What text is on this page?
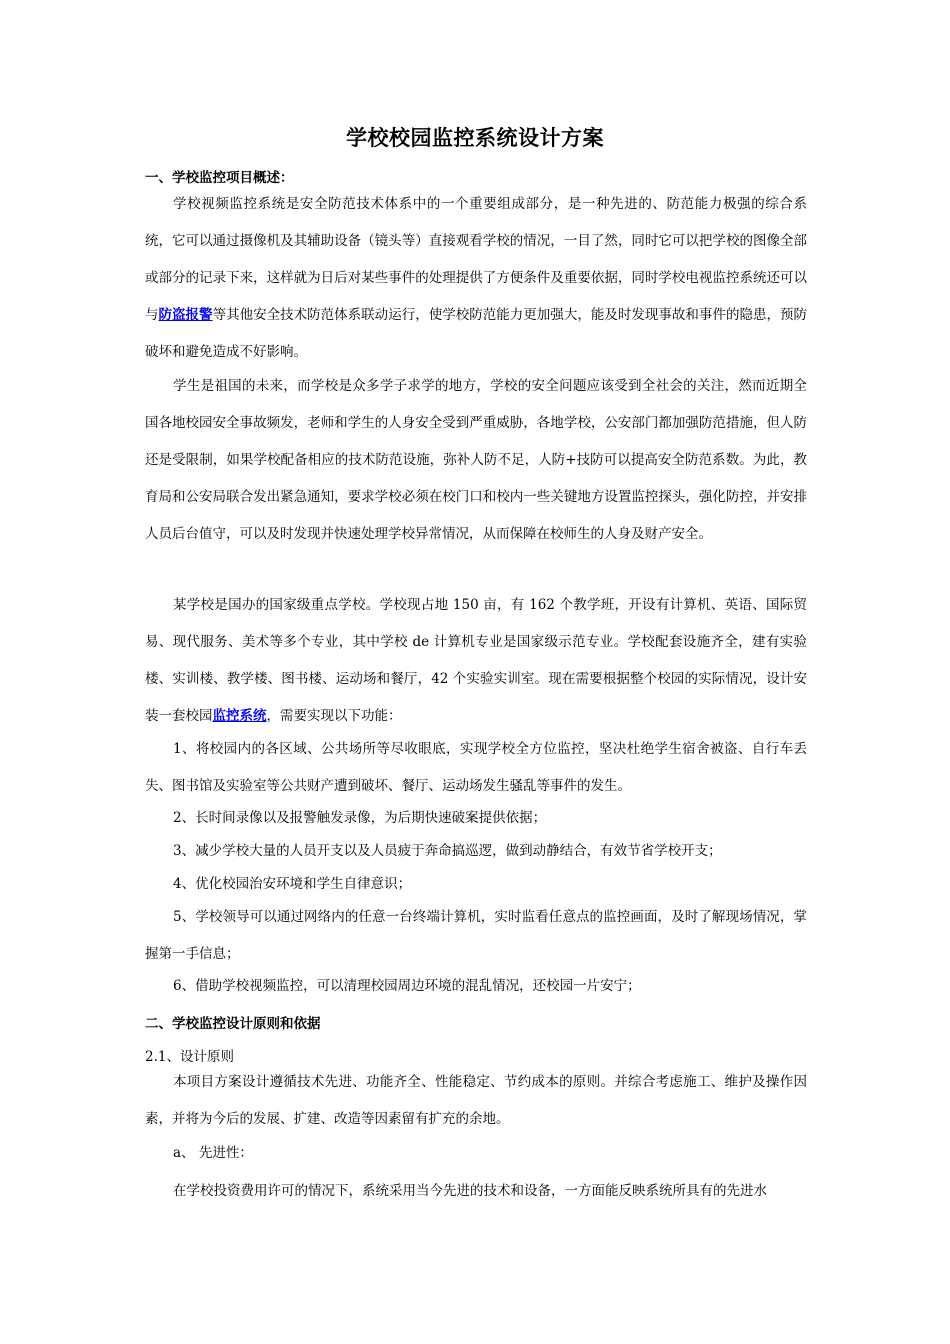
学校校园监控系统设计方案
一、学校监控项目概述：
学校视频监控系统是安全防范技术体系中的一个重要组成部分，是一种先进的、防范能力极强的综合系统，它可以通过摄像机及其辅助设备（镜头等）直接观看学校的情况，一目了然，同时它可以把学校的图像全部或部分的记录下来，这样就为日后对某些事件的处理提供了方便条件及重要依据，同时学校电视监控系统还可以与防盗报警等其他安全技术防范体系联动运行，使学校防范能力更加强大，能及时发现事故和事件的隐患，预防破坏和避免造成不好影响。
学生是祖国的未来，而学校是众多学子求学的地方，学校的安全问题应该受到全社会的关注，然而近期全国各地校园安全事故频发，老师和学生的人身安全受到严重威胁，各地学校，公安部门都加强防范措施，但人防还是受限制，如果学校配备相应的技术防范设施，弥补人防不足，人防+技防可以提高安全防范系数。为此，教育局和公安局联合发出紧急通知，要求学校必须在校门口和校内一些关键地方设置监控探头，强化防控，并安排人员后台值守，可以及时发现并快速处理学校异常情况，从而保障在校师生的人身及财产安全。
某学校是国办的国家级重点学校。学校现占地 150 亩，有 162 个教学班，开设有计算机、英语、国际贸易、现代服务、美术等多个专业，其中学校 de 计算机专业是国家级示范专业。学校配套设施齐全，建有实验楼、实训楼、教学楼、图书楼、运动场和餐厅，42 个实验实训室。现在需要根据整个校园的实际情况，设计安装一套校园监控系统，需要实现以下功能：
1、将校园内的各区域、公共场所等尽收眼底，实现学校全方位监控，坚决杜绝学生宿舍被盗、自行车丢失、图书馆及实验室等公共财产遭到破坏、餐厅、运动场发生骚乱等事件的发生。
2、长时间录像以及报警触发录像，为后期快速破案提供依据；
3、减少学校大量的人员开支以及人员疲于奔命搞巡逻，做到动静结合，有效节省学校开支；
4、优化校园治安环境和学生自律意识；
5、学校领导可以通过网络内的任意一台终端计算机，实时监看任意点的监控画面，及时了解现场情况，掌握第一手信息；
6、借助学校视频监控，可以清理校园周边环境的混乱情况，还校园一片安宁；
二、学校监控设计原则和依据
2.1、设计原则
本项目方案设计遵循技术先进、功能齐全、性能稳定、节约成本的原则。并综合考虑施工、维护及操作因素，并将为今后的发展、扩建、改造等因素留有扩充的余地。
a、 先进性：
在学校投资费用许可的情况下，系统采用当今先进的技术和设备，一方面能反映系统所具有的先进水
